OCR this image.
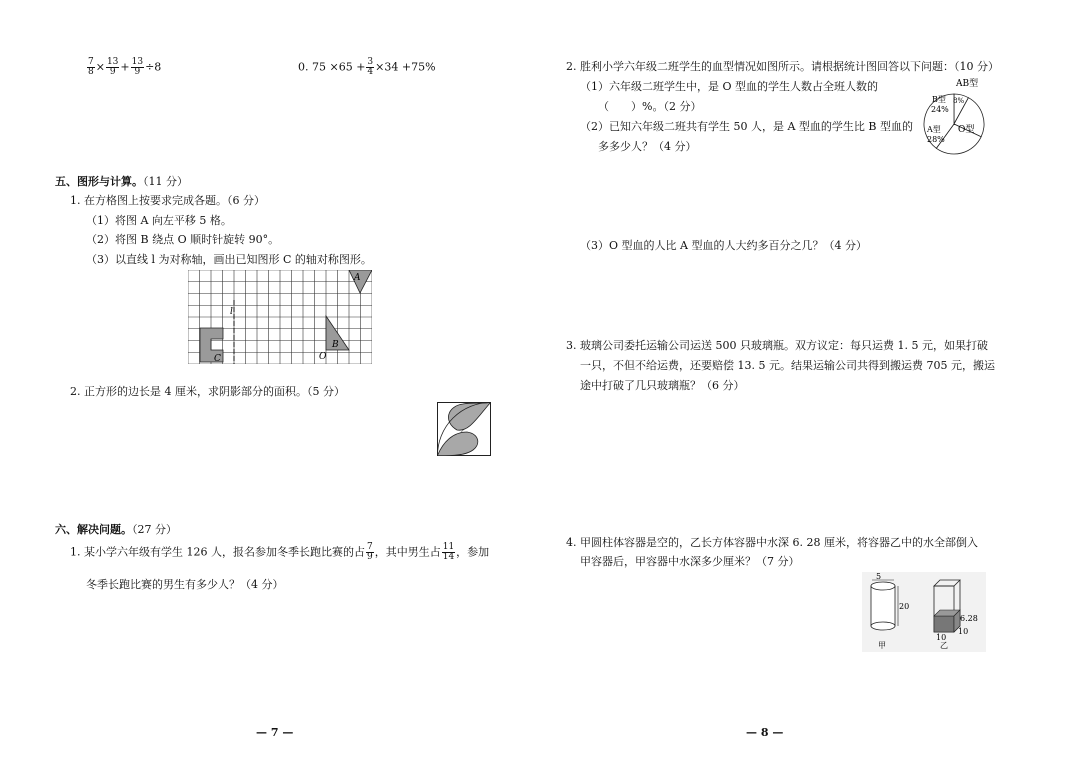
$\frac{7}{8} \times \frac{13}{9} + \frac{13}{9} \div 8$	0. $75 \times 65 + \frac{3}{4} \times 34 +75\%$
五、图形与计算。（11 分）
1. 在方格图上按要求完成各题。（6 分）
（1）将图 A 向左平移 5 格。
（2）将图 B 绕点 O 顺时针旋转 90°。
（3）以直线 l 为对称轴，画出已知图形 C 的轴对称图形。
l
A
B
C	O
2. 正方形的边长是 4 厘米，求阴影部分的面积。（5 分）
六、解决问题。（27 分）
1. 某小学六年级有学生 126 人，报名参加冬季长跑比赛的占 $\frac{7}{9}$ ，其中男生占 $\frac{11}{14}$ ，参加
冬季长跑比赛的男生有多少人？（4 分）
— 7 —
2. 胜利小学六年级二班学生的血型情况如图所示。请根据统计图回答以下问题：（10 分）
（1）六年级二班学生中，是 O 型血的学生人数占全班人数的
（　　）%。（2 分）
（2）已知六年级二班共有学生 50 人，是 A 型血的学生比 B 型血的
多多少人？（4 分）
AB型
8%
B型
24%
A型
28%
O型
（3）O 型血的人比 A 型血的人大约多百分之几？（4 分）
3. 玻璃公司委托运输公司运送 500 只玻璃瓶。双方议定：每只运费 1. 5 元，如果打破
一只，不但不给运费，还要赔偿 13. 5 元。结果运输公司共得到搬运费 705 元，搬运
途中打破了几只玻璃瓶？（6 分）
4. 甲圆柱体容器是空的，乙长方体容器中水深 6. 28 厘米，将容器乙中的水全部倒入
甲容器后，甲容器中水深多少厘米？（7 分）
5
20
甲
6.28
10
10
乙
— 8 —
